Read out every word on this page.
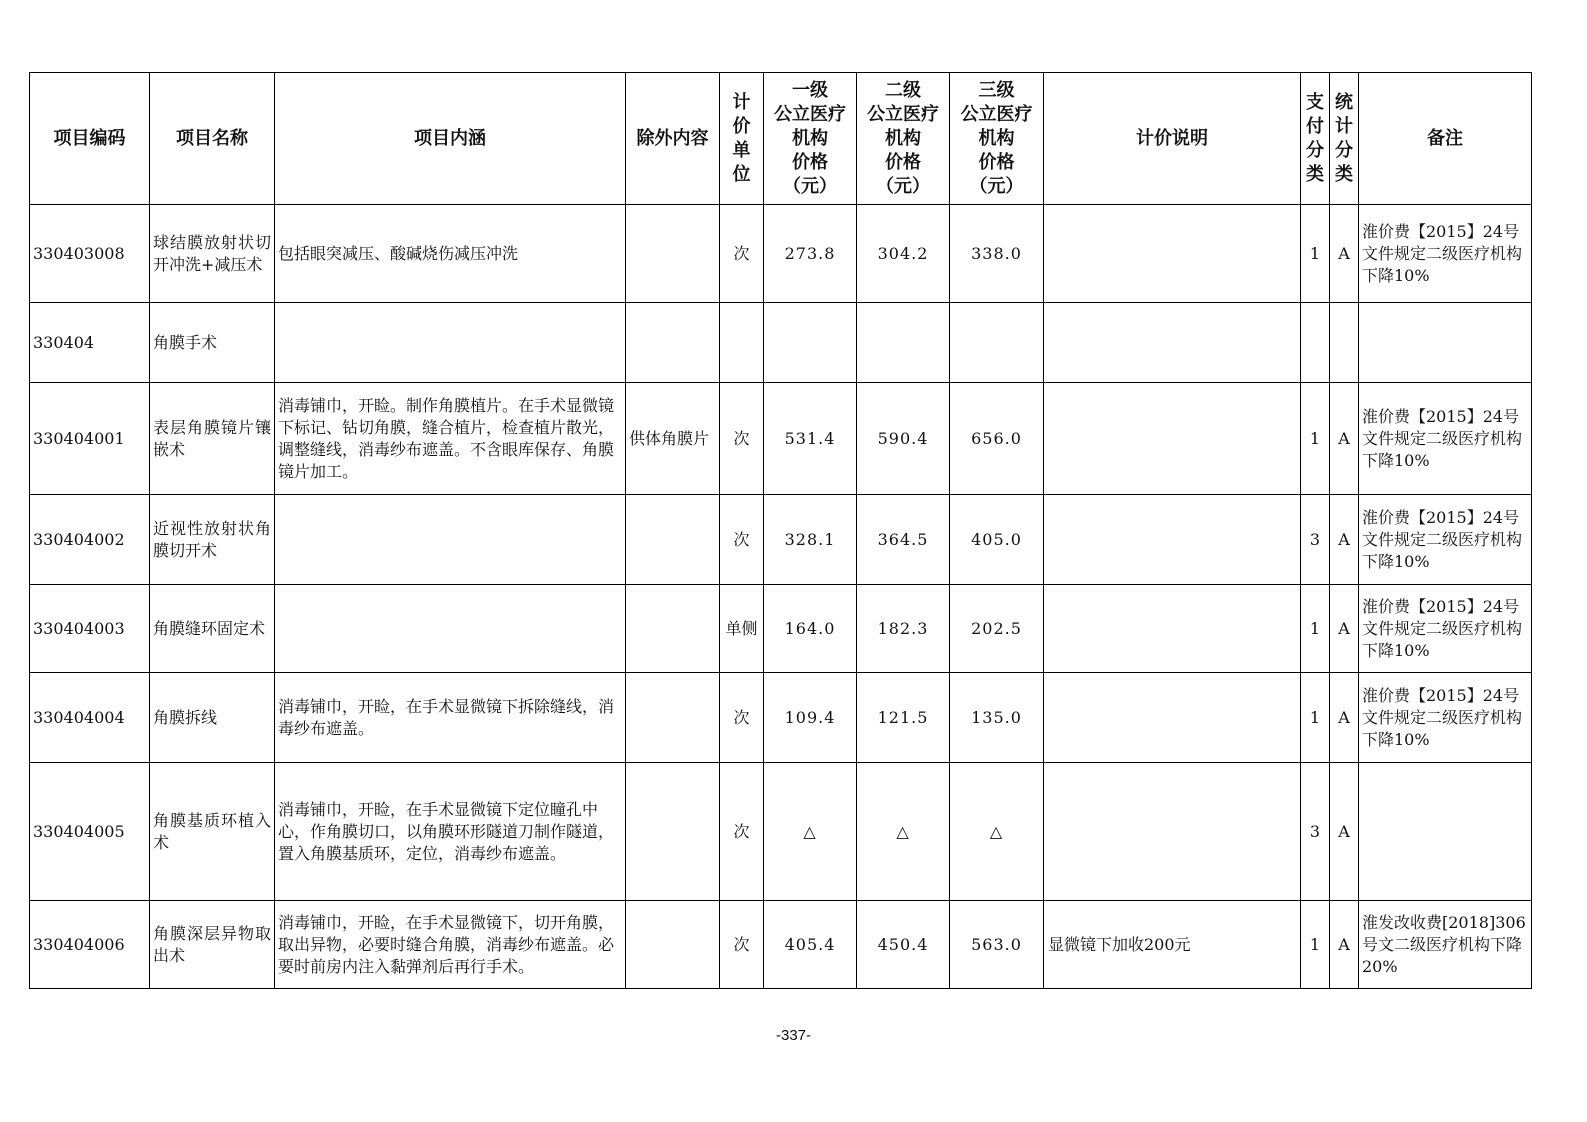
项目编码	项目名称	项目内涵	除外内容	计价单位	一级
公立医疗
机构
价格
（元）	二级
公立医疗
机构
价格
（元）	三级
公立医疗
机构
价格
（元）	计价说明	支付分类	统计分类	备注
330403008	球结膜放射状切开冲洗+减压术	包括眼突减压、酸碱烧伤减压冲洗		次	273.8	304.2	338.0		1	A	淮价费【2015】24号文件规定二级医疗机构下降10%
330404	角膜手术										
330404001	表层角膜镜片镶嵌术	消毒铺巾，开睑。制作角膜植片。在手术显微镜下标记、钻切角膜，缝合植片，检查植片散光，调整缝线，消毒纱布遮盖。不含眼库保存、角膜镜片加工。	供体角膜片	次	531.4	590.4	656.0		1	A	淮价费【2015】24号文件规定二级医疗机构下降10%
330404002	近视性放射状角膜切开术			次	328.1	364.5	405.0		3	A	淮价费【2015】24号文件规定二级医疗机构下降10%
330404003	角膜缝环固定术			单侧	164.0	182.3	202.5		1	A	淮价费【2015】24号文件规定二级医疗机构下降10%
330404004	角膜拆线	消毒铺巾，开睑，在手术显微镜下拆除缝线，消毒纱布遮盖。		次	109.4	121.5	135.0		1	A	淮价费【2015】24号文件规定二级医疗机构下降10%
330404005	角膜基质环植入术	消毒铺巾，开睑，在手术显微镜下定位瞳孔中心，作角膜切口，以角膜环形隧道刀制作隧道，置入角膜基质环，定位，消毒纱布遮盖。		次	△	△	△		3	A	
330404006	角膜深层异物取出术	消毒铺巾，开睑，在手术显微镜下，切开角膜，取出异物，必要时缝合角膜，消毒纱布遮盖。必要时前房内注入黏弹剂后再行手术。		次	405.4	450.4	563.0	显微镜下加收200元	1	A	淮发改收费[2018]306号文二级医疗机构下降20%
-337-
